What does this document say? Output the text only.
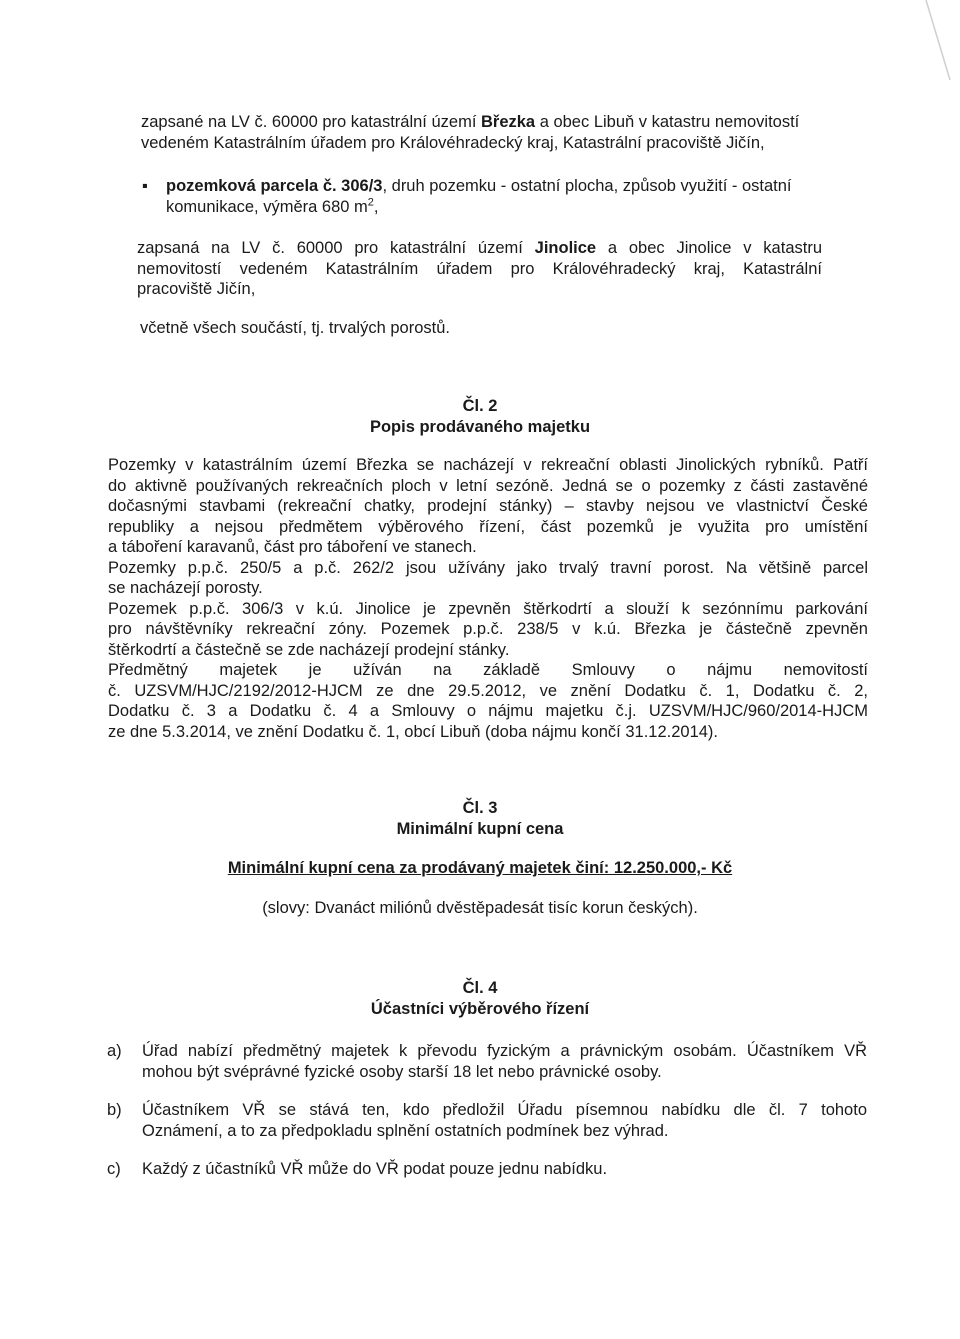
zapsané na LV č. 60000 pro katastrální území Březka a obec Libuň v katastru nemovitostí

vedeném Katastrálním úřadem pro Královéhradecký kraj, Katastrální pracoviště Jičín,

▪ pozemková parcela č. 306/3, druh pozemku - ostatní plocha, způsob využití - ostatní
komunikace, výměra 680 $m^2$,

zapsaná na LV č. 60000 pro katastrální území Jinolice a obec Jinolice v katastru

nemovitostí vedeném Katastrálním úřadem pro Královéhradecký kraj, Katastrální

pracoviště Jičín,

včetně všech součástí, tj. trvalých porostů.
Čl. 2
Popis prodávaného majetku

Pozemky v katastrálním území Březka se nacházejí v rekreační oblasti Jinolických rybníků. Patří

do aktivně používaných rekreačních ploch v letní sezóně. Jedná se o pozemky z části zastavěné

dočasnými stavbami (rekreační chatky, prodejní stánky) – stavby nejsou ve vlastnictví České

republiky a nejsou předmětem výběrového řízení, část pozemků je využita pro umístění

a táboření karavanů, část pro táboření ve stanech.

Pozemky p.p.č. 250/5 a p.č. 262/2 jsou užívány jako trvalý travní porost. Na většině parcel

se nacházejí porosty.

Pozemek p.p.č. 306/3 v k.ú. Jinolice je zpevněn štěrkodrtí a slouží k sezónnímu parkování

pro návštěvníky rekreační zóny. Pozemek p.p.č. 238/5 v k.ú. Březka je částečně zpevněn

štěrkodrtí a částečně se zde nacházejí prodejní stánky.

Předmětný majetek je užíván na základě Smlouvy o nájmu nemovitostí

č. UZSVM/HJC/2192/2012-HJCM ze dne 29.5.2012, ve znění Dodatku č. 1, Dodatku č. 2,

Dodatku č. 3 a Dodatku č. 4 a Smlouvy o nájmu majetku č.j. UZSVM/HJC/960/2014-HJCM

ze dne 5.3.2014, ve znění Dodatku č. 1, obcí Libuň (doba nájmu končí 31.12.2014).

Čl. 3
Minimální kupní cena
Minimální kupní cena za prodávaný majetek činí: 12.250.000,- Kč
(slovy: Dvanáct miliónů dvěstěpadesát tisíc korun českých).
Čl. 4
Účastníci výběrového řízení
a)	Úřad nabízí předmětný majetek k převodu fyzickým a právnickým osobám. Účastníkem VŘ
mohou být svéprávné fyzické osoby starší 18 let nebo právnické osoby.
b)	Účastníkem VŘ se stává ten, kdo předložil Úřadu písemnou nabídku dle čl. 7 tohoto
Oznámení, a to za předpokladu splnění ostatních podmínek bez výhrad.
c)	Každý z účastníků VŘ může do VŘ podat pouze jednu nabídku.
